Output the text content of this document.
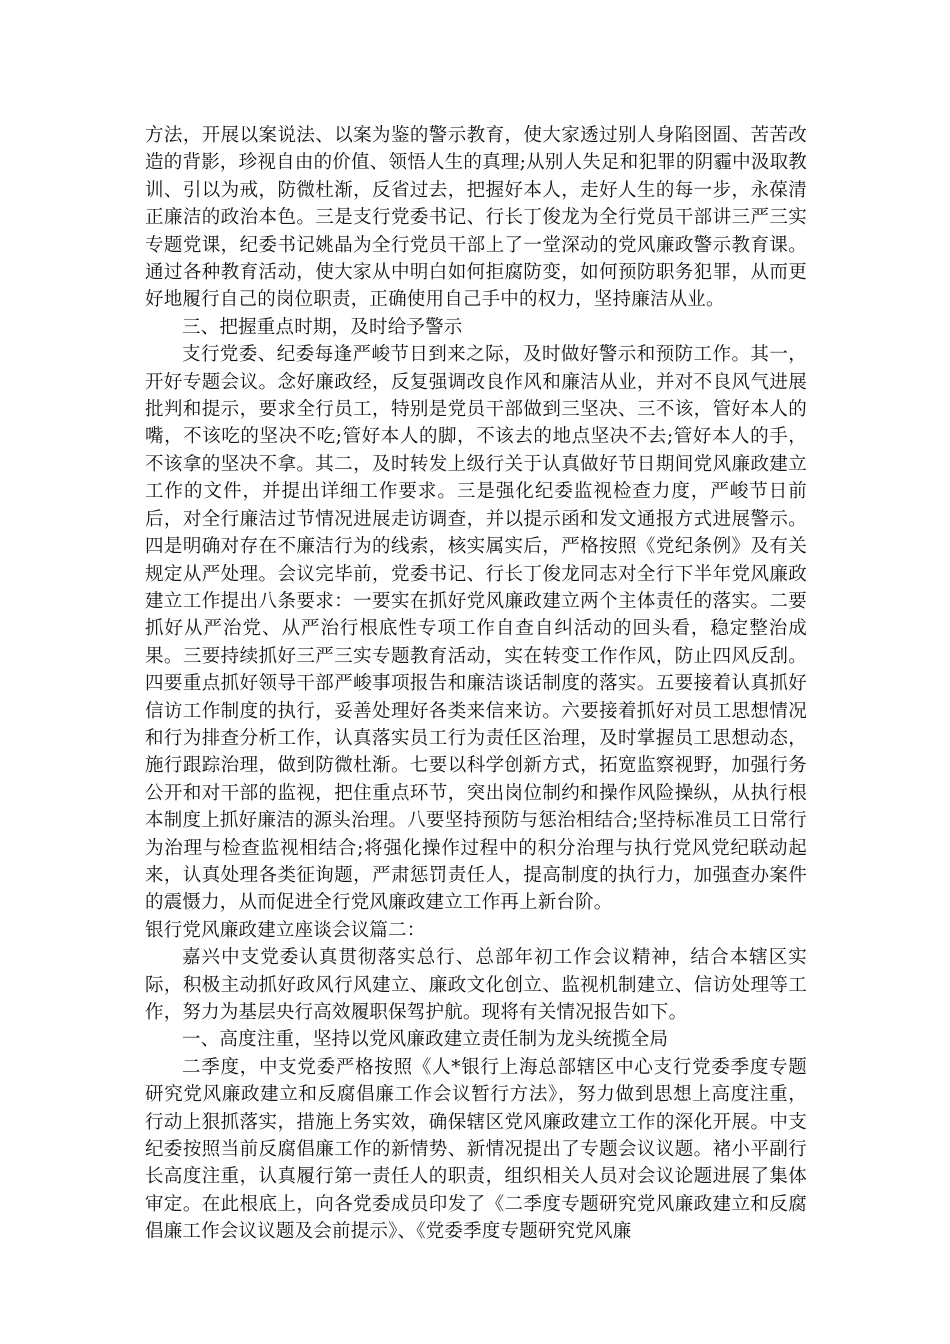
方法，开展以案说法、以案为鉴的警示教育，使大家透过别人身陷囹圄、苦苦改造的背影，珍视自由的价值、领悟人生的真理;从别人失足和犯罪的阴霾中汲取教训、引以为戒，防微杜渐，反省过去，把握好本人，走好人生的每一步，永葆清正廉洁的政治本色。三是支行党委书记、行长丁俊龙为全行党员干部讲三严三实专题党课，纪委书记姚晶为全行党员干部上了一堂深动的党风廉政警示教育课。通过各种教育活动，使大家从中明白如何拒腐防变，如何预防职务犯罪，从而更好地履行自己的岗位职责，正确使用自己手中的权力，坚持廉洁从业。

三、把握重点时期，及时给予警示

支行党委、纪委每逢严峻节日到来之际，及时做好警示和预防工作。其一，开好专题会议。念好廉政经，反复强调改良作风和廉洁从业，并对不良风气进展批判和提示，要求全行员工，特别是党员干部做到三坚决、三不该，管好本人的嘴，不该吃的坚决不吃;管好本人的脚，不该去的地点坚决不去;管好本人的手，不该拿的坚决不拿。其二，及时转发上级行关于认真做好节日期间党风廉政建立工作的文件，并提出详细工作要求。三是强化纪委监视检查力度，严峻节日前后，对全行廉洁过节情况进展走访调查，并以提示函和发文通报方式进展警示。四是明确对存在不廉洁行为的线索，核实属实后，严格按照《党纪条例》及有关规定从严处理。会议完毕前，党委书记、行长丁俊龙同志对全行下半年党风廉政建立工作提出八条要求：一要实在抓好党风廉政建立两个主体责任的落实。二要抓好从严治党、从严治行根底性专项工作自查自纠活动的回头看，稳定整治成果。三要持续抓好三严三实专题教育活动，实在转变工作作风，防止四风反刮。四要重点抓好领导干部严峻事项报告和廉洁谈话制度的落实。五要接着认真抓好信访工作制度的执行，妥善处理好各类来信来访。六要接着抓好对员工思想情况和行为排查分析工作，认真落实员工行为责任区治理，及时掌握员工思想动态，施行跟踪治理，做到防微杜渐。七要以科学创新方式，拓宽监察视野，加强行务公开和对干部的监视，把住重点环节，突出岗位制约和操作风险操纵，从执行根本制度上抓好廉洁的源头治理。八要坚持预防与惩治相结合;坚持标准员工日常行为治理与检查监视相结合;将强化操作过程中的积分治理与执行党风党纪联动起来，认真处理各类征询题，严肃惩罚责任人，提高制度的执行力，加强查办案件的震慑力，从而促进全行党风廉政建立工作再上新台阶。

银行党风廉政建立座谈会议篇二：

嘉兴中支党委认真贯彻落实总行、总部年初工作会议精神，结合本辖区实际，积极主动抓好政风行风建立、廉政文化创立、监视机制建立、信访处理等工作，努力为基层央行高效履职保驾护航。现将有关情况报告如下。

一、高度注重，坚持以党风廉政建立责任制为龙头统揽全局

二季度，中支党委严格按照《人*银行上海总部辖区中心支行党委季度专题研究党风廉政建立和反腐倡廉工作会议暂行方法》，努力做到思想上高度注重，行动上狠抓落实，措施上务实效，确保辖区党风廉政建立工作的深化开展。中支纪委按照当前反腐倡廉工作的新情势、新情况提出了专题会议议题。褚小平副行长高度注重，认真履行第一责任人的职责，组织相关人员对会议论题进展了集体审定。在此根底上，向各党委成员印发了《二季度专题研究党风廉政建立和反腐倡廉工作会议议题及会前提示》、《党委季度专题研究党风廉
